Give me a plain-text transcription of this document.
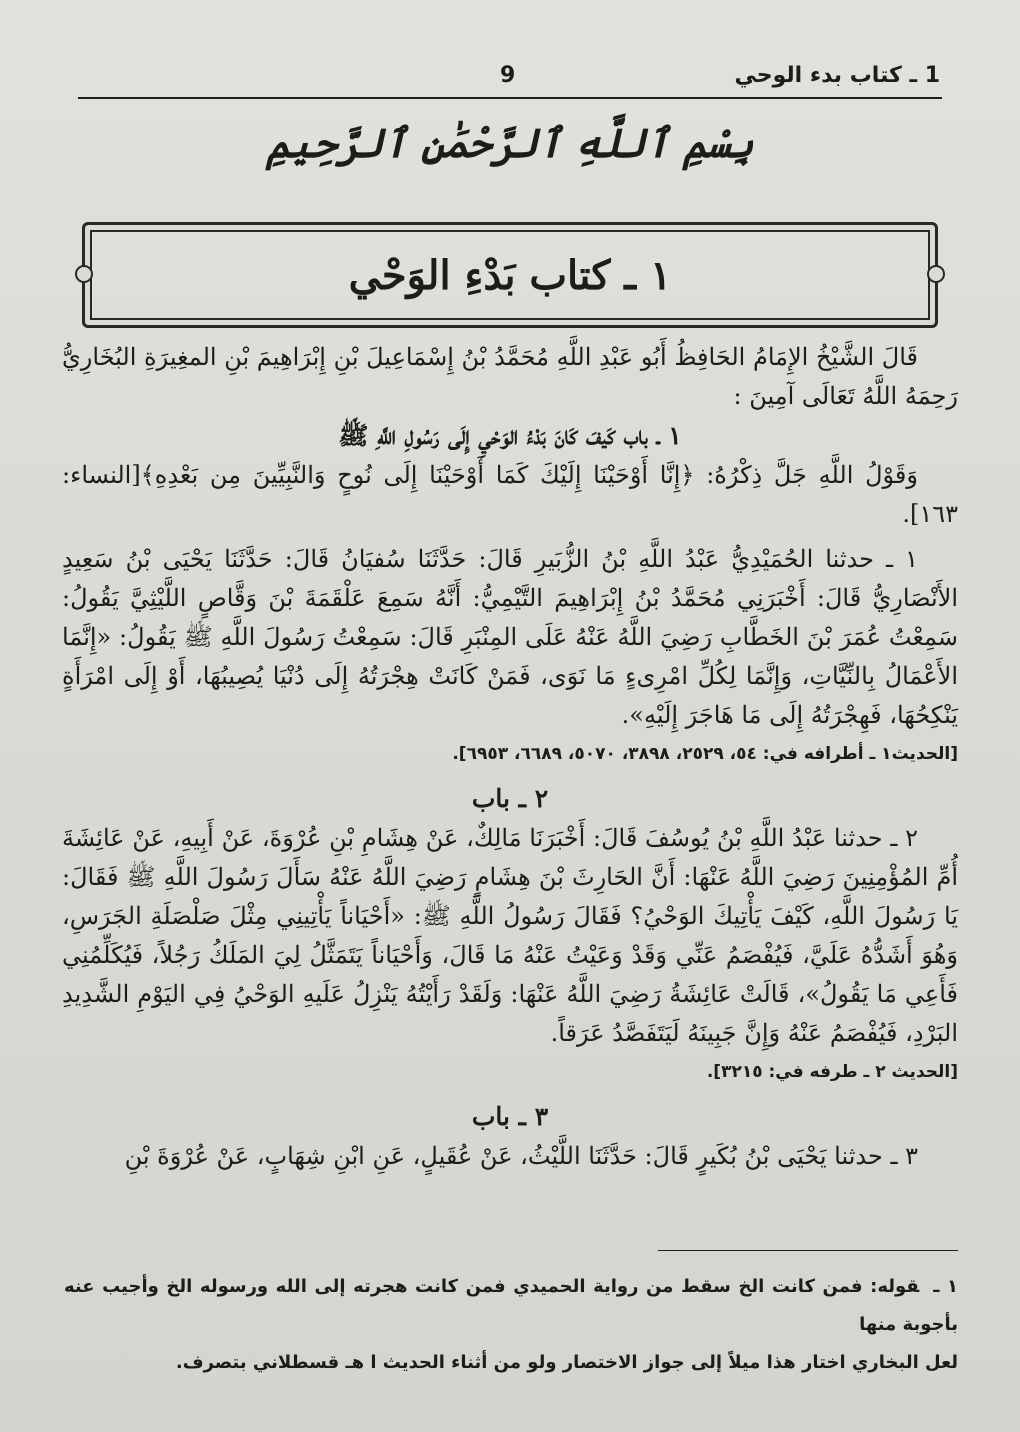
1 ـ كتاب بدء الوحي
9
بِسْمِ ٱللَّهِ ٱلرَّحْمَٰنِ ٱلرَّحِيمِ
١ ـ كتاب بَدْءِ الوَحْي

قَالَ الشَّيْخُ الإِمَامُ الحَافِظُ أَبُو عَبْدِ اللَّهِ مُحَمَّدُ بْنُ إِسْمَاعِيلَ بْنِ إِبْرَاهِيمَ بْنِ المغِيرَةِ البُخَارِيُّ رَحِمَهُ اللَّهُ تَعَالَى آمِينَ :

١ ـ باب كَيفَ كَانَ بَدْءُ الوَحْيِ إِلَى رَسُولِ اللَّهِ ﷺ

وَقَوْلُ اللَّهِ جَلَّ ذِكْرُهُ: ﴿إِنَّا أَوْحَيْنَا إِلَيْكَ كَمَا أَوْحَيْنَا إِلَى نُوحٍ وَالنَّبِيِّينَ مِن بَعْدِهِ﴾[النساء: ١٦٣].

١ ـ حدثنا الحُمَيْدِيُّ عَبْدُ اللَّهِ بْنُ الزُّبَيرِ قَالَ: حَدَّثَنَا سُفيَانُ قَالَ: حَدَّثَنَا يَحْيَى بْنُ سَعِيدٍ الأَنْصَارِيُّ قَالَ: أَخْبَرَنِي مُحَمَّدُ بْنُ إِبْرَاهِيمَ التَّيْمِيُّ: أَنَّهُ سَمِعَ عَلْقَمَةَ بْنَ وَقَّاصٍ اللَّيْثِيَّ يَقُولُ: سَمِعْتُ عُمَرَ بْنَ الخَطَّابِ رَضِيَ اللَّهُ عَنْهُ عَلَى المِنْبَرِ قَالَ: سَمِعْتُ رَسُولَ اللَّهِ ﷺ يَقُولُ: «إِنَّمَا الأَعْمَالُ بِالنِّيَّاتِ، وَإِنَّمَا لِكُلِّ امْرِىءٍ مَا نَوَى، فَمَنْ كَانَتْ هِجْرَتُهُ إِلَى دُنْيَا يُصِيبُهَا، أَوْ إِلَى امْرَأَةٍ يَنْكِحُهَا، فَهِجْرَتُهُ إِلَى مَا هَاجَرَ إِلَيْهِ».

[الحديث١ ـ أطرافه في: ٥٤، ٢٥٢٩، ٣٨٩٨، ٥٠٧٠، ٦٦٨٩، ٦٩٥٣].

٢ ـ باب

٢ ـ حدثنا عَبْدُ اللَّهِ بْنُ يُوسُفَ قَالَ: أَخْبَرَنَا مَالِكٌ، عَنْ هِشَامِ بْنِ عُرْوَةَ، عَنْ أَبِيهِ، عَنْ عَائِشَةَ أُمِّ المُؤْمِنِينَ رَضِيَ اللَّهُ عَنْهَا: أَنَّ الحَارِثَ بْنَ هِشَامٍ رَضِيَ اللَّهُ عَنْهُ سَأَلَ رَسُولَ اللَّهِ ﷺ فَقَالَ: يَا رَسُولَ اللَّهِ، كَيْفَ يَأْتِيكَ الوَحْيُ؟ فَقَالَ رَسُولُ اللَّهِ ﷺ: «أَحْيَاناً يَأْتِينِي مِثْلَ صَلْصَلَةِ الجَرَسِ، وَهُوَ أَشَدُّهُ عَلَيَّ، فَيُفْصَمُ عَنِّي وَقَدْ وَعَيْتُ عَنْهُ مَا قَالَ، وَأَحْيَاناً يَتَمَثَّلُ لِيَ المَلَكُ رَجُلاً، فَيُكَلِّمُنِي فَأَعِي مَا يَقُولُ»، قَالَتْ عَائِشَةُ رَضِيَ اللَّهُ عَنْهَا: وَلَقَدْ رَأَيْتُهُ يَنْزِلُ عَلَيهِ الوَحْيُ فِي اليَوْمِ الشَّدِيدِ البَرْدِ، فَيُفْصَمُ عَنْهُ وَإِنَّ جَبِينَهُ لَيَتَفَصَّدُ عَرَقاً.

[الحديث ٢ ـ طرفه في: ٣٢١٥].

٣ ـ باب

٣ ـ حدثنا يَحْيَى بْنُ بُكَيرٍ قَالَ: حَدَّثَنَا اللَّيْثُ، عَنْ عُقَيلٍ، عَنِ ابْنِ شِهَابٍ، عَنْ عُرْوَةَ بْنِ

١ ـقوله: فمن كانت الخ سقط من رواية الحميدي فمن كانت هجرته إلى الله ورسوله الخ وأجيب عنه بأجوبة منها
لعل البخاري اختار هذا ميلاً إلى جواز الاختصار ولو من أثناء الحديث ا هـ قسطلاني بتصرف.
